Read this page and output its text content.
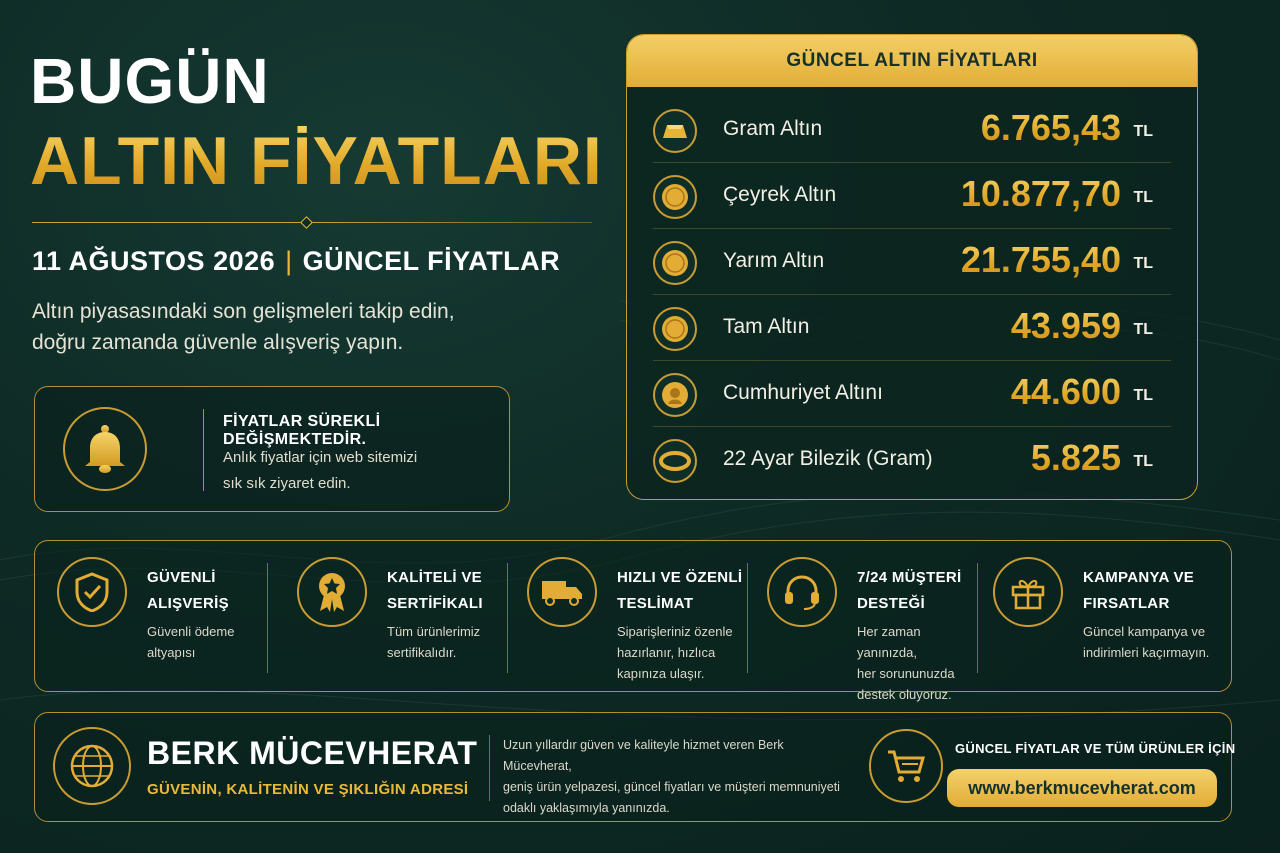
BUGÜN
ALTIN FİYATLARI
11 AĞUSTOS 2026 | GÜNCEL FİYATLAR
Altın piyasasındaki son gelişmeleri takip edin,
doğru zamanda güvenle alışveriş yapın.
FİYATLAR SÜREKLİ DEĞİŞMEKTEDİR.
Anlık fiyatlar için web sitemizi
sık sık ziyaret edin.
GÜNCEL ALTIN FİYATLARI
Gram Altın	6.765,43 TL
Çeyrek Altın	10.877,70 TL
Yarım Altın	21.755,40 TL
Tam Altın	43.959 TL
Cumhuriyet Altını	44.600 TL
22 Ayar Bilezik (Gram)	5.825 TL
GÜVENLİ
ALIŞVERİŞ
Güvenli ödeme
altyapısı
KALİTELİ VE
SERTİFİKALI
Tüm ürünlerimiz
sertifikalıdır.
HIZLI VE ÖZENLİ
TESLİMAT
Siparişleriniz özenle
hazırlanır, hızlıca
kapınıza ulaşır.
7/24 MÜŞTERİ
DESTEĞİ
Her zaman yanınızda,
her sorununuzda
destek oluyoruz.
KAMPANYA VE
FIRSATLAR
Güncel kampanya ve
indirimleri kaçırmayın.
BERK MÜCEVHERAT
GÜVENİN, KALİTENİN VE ŞIKLIĞIN ADRESİ
Uzun yıllardır güven ve kaliteyle hizmet veren Berk Mücevherat,
geniş ürün yelpazesi, güncel fiyatları ve müşteri memnuniyeti
odaklı yaklaşımıyla yanınızda.
GÜNCEL FİYATLAR VE TÜM ÜRÜNLER İÇİN
www.berkmucevherat.com
